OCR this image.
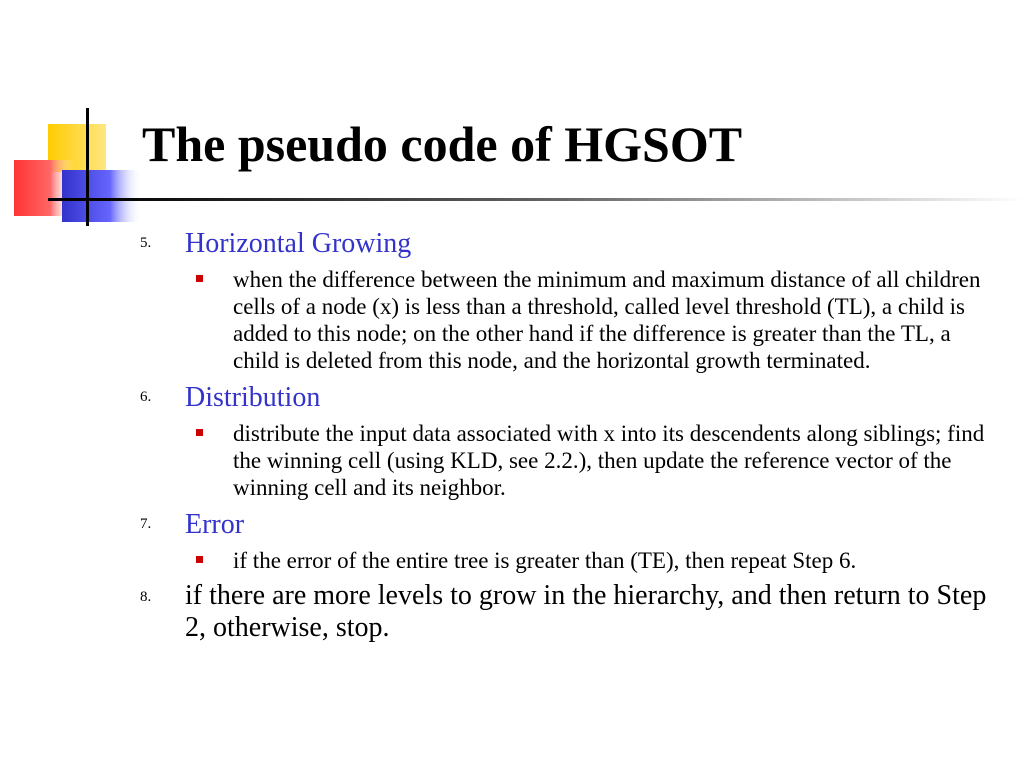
The pseudo code of HGSOT
5. Horizontal Growing
when the difference between the minimum and maximum distance of all children cells of a node (x) is less than a threshold, called level threshold (TL), a child is added to this node; on the other hand if the difference is greater than the TL, a child is deleted from this node, and the horizontal growth terminated.
6. Distribution
distribute the input data associated with x into its descendents along siblings; find the winning cell (using KLD, see 2.2.), then update the reference vector of the winning cell and its neighbor.
7. Error
if the error of the entire tree is greater than (TE), then repeat Step 6.
8. if there are more levels to grow in the hierarchy, and then return to Step 2, otherwise, stop.
